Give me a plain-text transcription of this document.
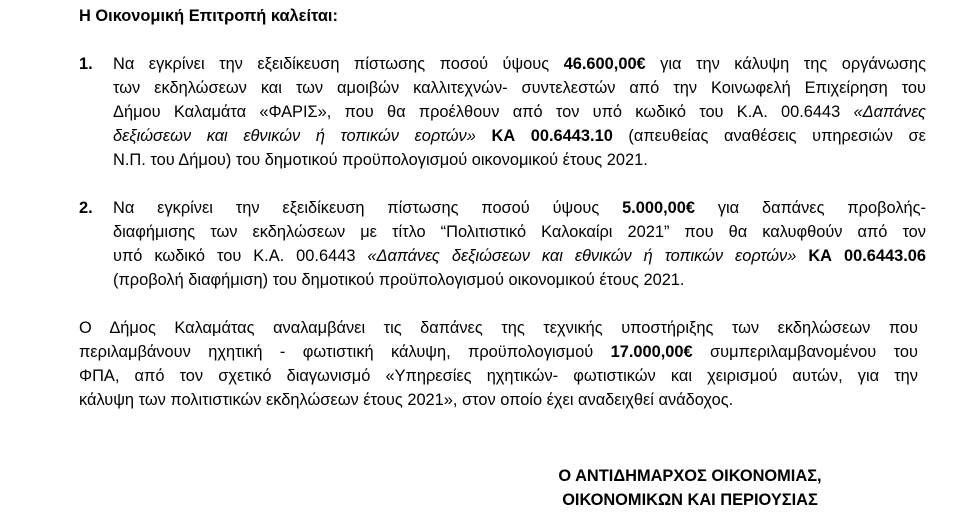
Η Οικονομική Επιτροπή καλείται:

1. Να εγκρίνει την εξειδίκευση πίστωσης ποσού ύψους 46.600,00€ για την κάλυψη της οργάνωσης
των εκδηλώσεων και των αμοιβών καλλιτεχνών- συντελεστών από την Κοινωφελή Επιχείρηση του
Δήμου Καλαμάτα «ΦΑΡΙΣ», που θα προέλθουν από τον υπό κωδικό του Κ.Α. 00.6443 «Δαπάνες
δεξιώσεων και εθνικών ή τοπικών εορτών» ΚΑ 00.6443.10 (απευθείας αναθέσεις υπηρεσιών σε
Ν.Π. του Δήμου) του δημοτικού προϋπολογισμού οικονομικού έτους 2021.
2. Να εγκρίνει την εξειδίκευση πίστωσης ποσού ύψους 5.000,00€ για δαπάνες προβολής-
διαφήμισης των εκδηλώσεων με τίτλο “Πολιτιστικό Καλοκαίρι 2021” που θα καλυφθούν από τον
υπό κωδικό του Κ.Α. 00.6443 «Δαπάνες δεξιώσεων και εθνικών ή τοπικών εορτών» ΚΑ 00.6443.06
(προβολή διαφήμιση) του δημοτικού προϋπολογισμού οικονομικού έτους 2021.
Ο Δήμος Καλαμάτας αναλαμβάνει τις δαπάνες της τεχνικής υποστήριξης των εκδηλώσεων που
περιλαμβάνουν ηχητική - φωτιστική κάλυψη, προϋπολογισμού 17.000,00€ συμπεριλαμβανομένου του
ΦΠΑ, από τον σχετικό διαγωνισμό «Υπηρεσίες ηχητικών- φωτιστικών και χειρισμού αυτών, για την
κάλυψη των πολιτιστικών εκδηλώσεων έτους 2021», στον οποίο έχει αναδειχθεί ανάδοχος.
Ο ΑΝΤΙΔΗΜΑΡΧΟΣ ΟΙΚΟΝΟΜΙΑΣ,
ΟΙΚΟΝΟΜΙΚΩΝ ΚΑΙ ΠΕΡΙΟΥΣΙΑΣ
